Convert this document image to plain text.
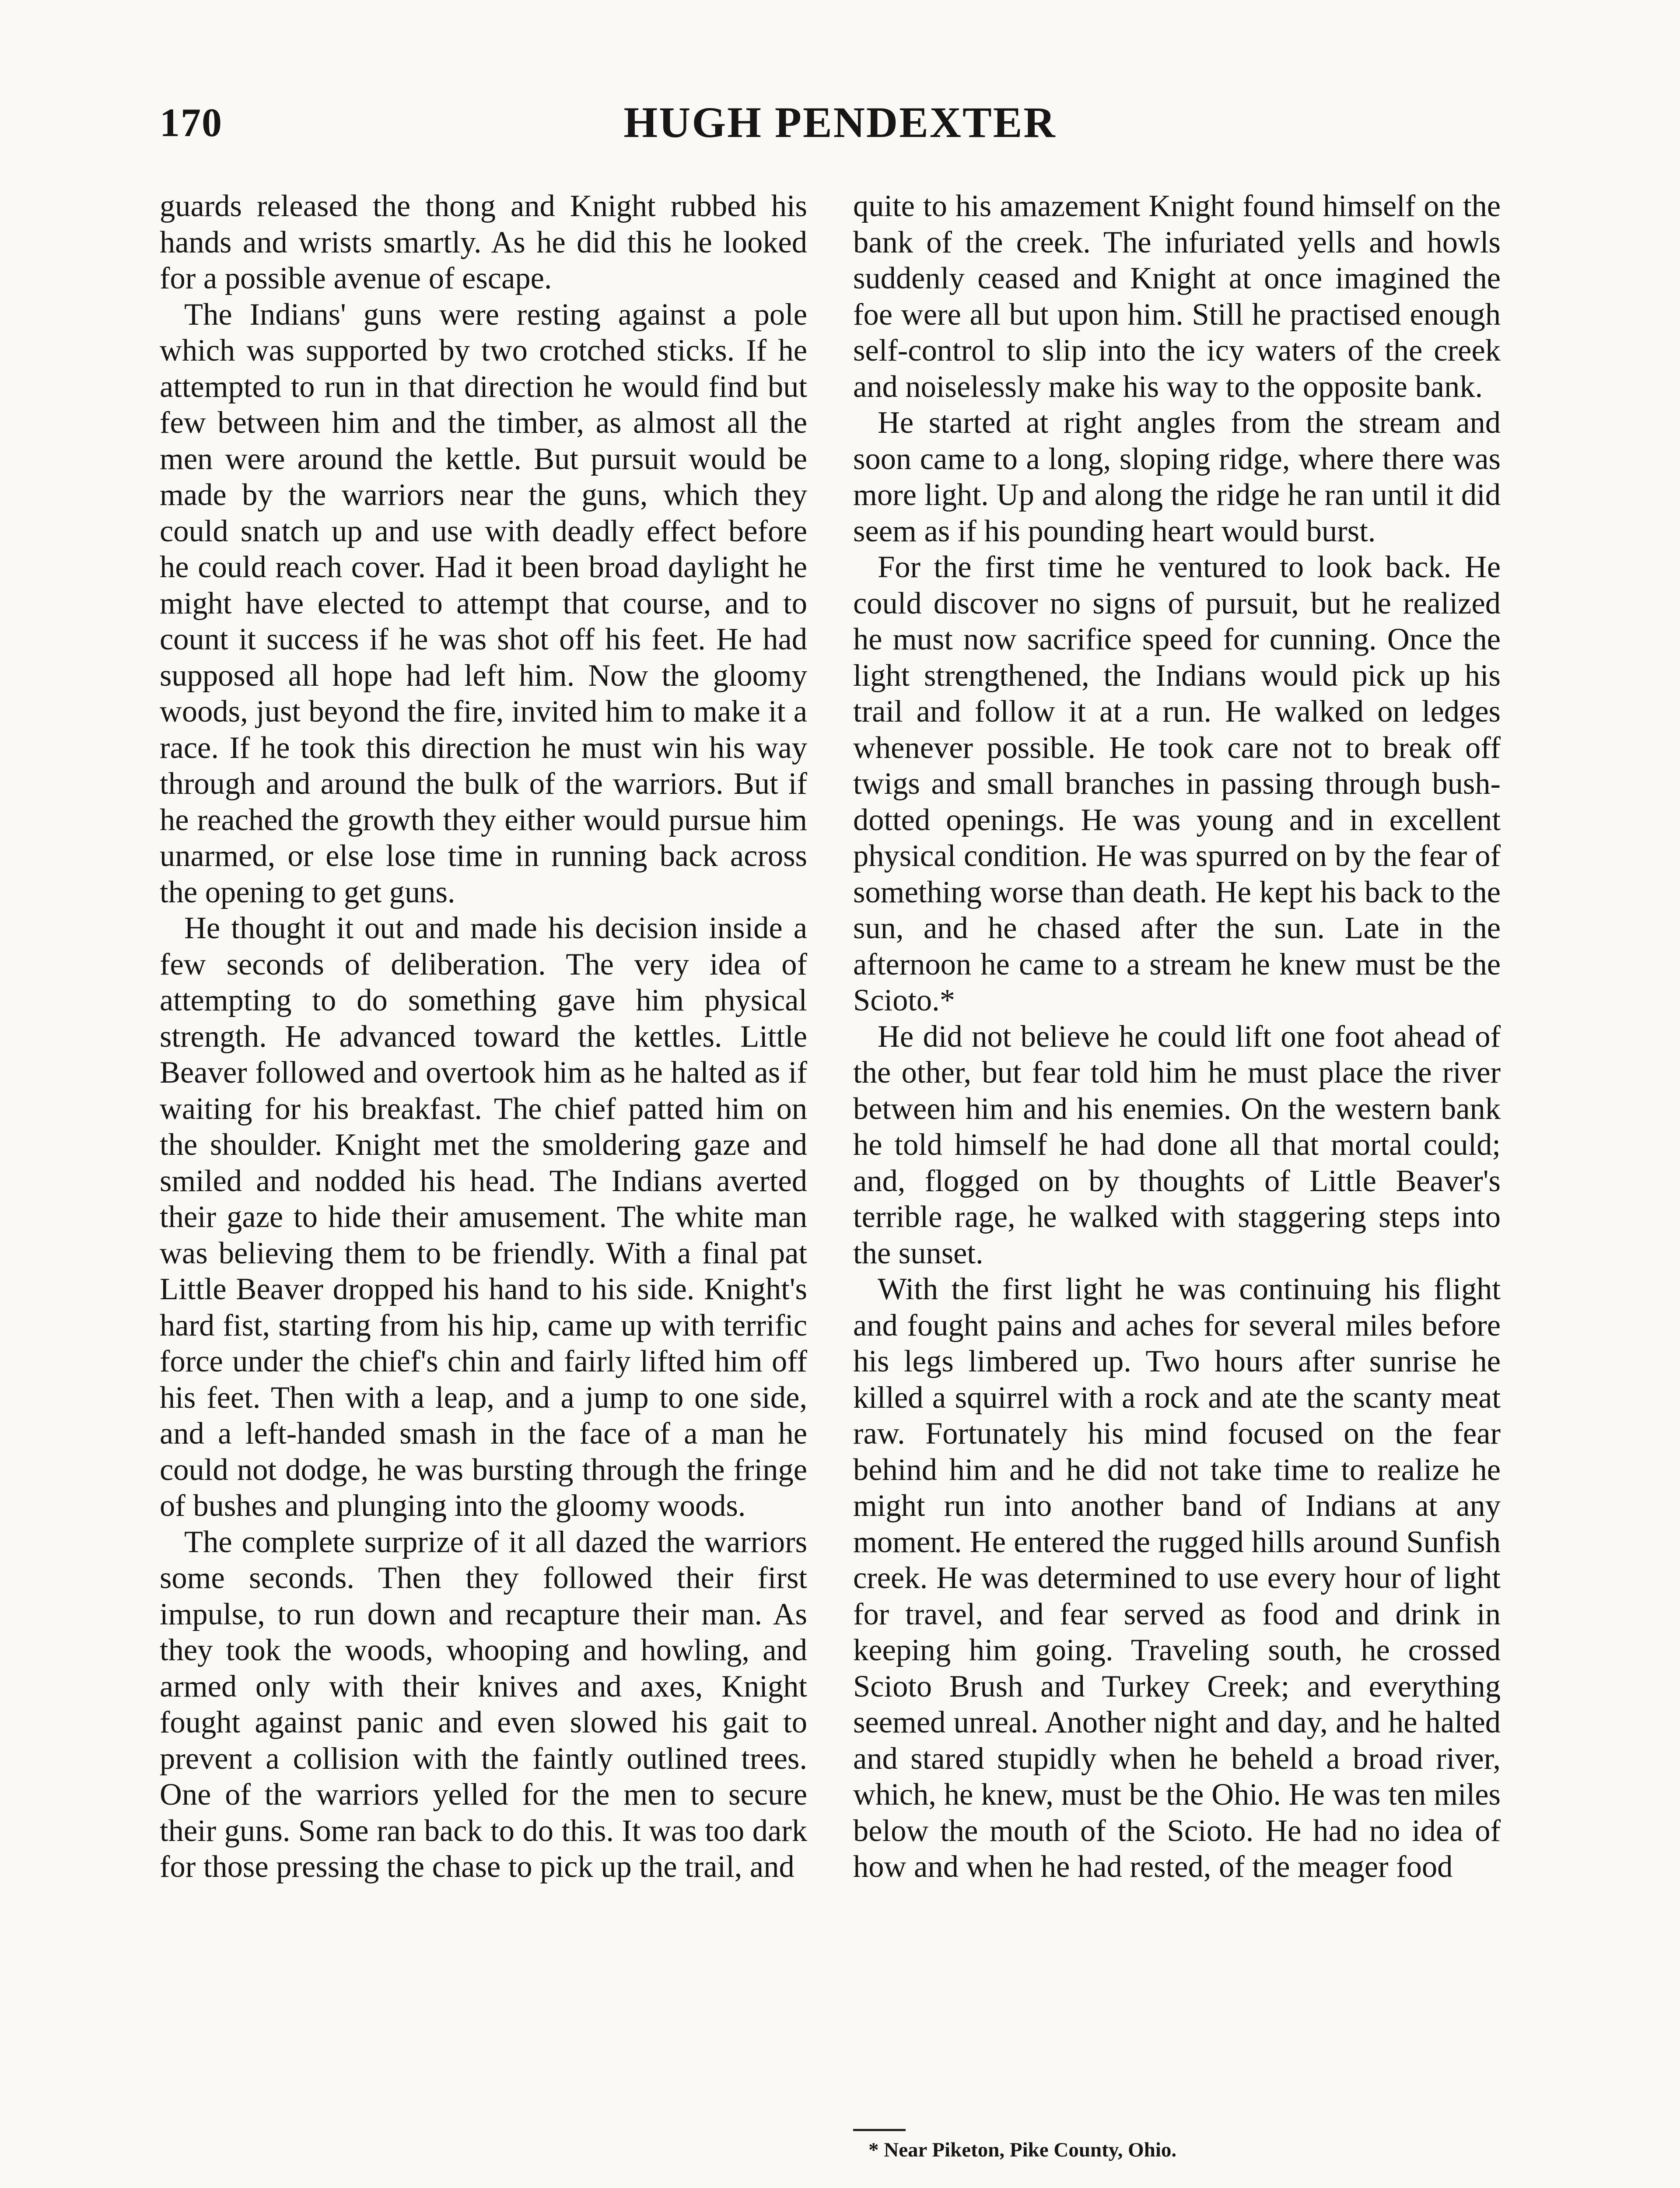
HUGH PENDEXTER
170

guards released the thong and Knight rubbed his hands and wrists smartly. As he did this he looked for a possible avenue of escape.

The Indians' guns were resting against a pole which was supported by two crotched sticks. If he attempted to run in that direction he would find but few between him and the timber, as almost all the men were around the kettle. But pursuit would be made by the warriors near the guns, which they could snatch up and use with deadly effect before he could reach cover. Had it been broad daylight he might have elected to attempt that course, and to count it success if he was shot off his feet. He had supposed all hope had left him. Now the gloomy woods, just beyond the fire, invited him to make it a race. If he took this direction he must win his way through and around the bulk of the warriors. But if he reached the growth they either would pursue him unarmed, or else lose time in running back across the opening to get guns.

He thought it out and made his decision inside a few seconds of deliberation. The very idea of attempting to do something gave him physical strength. He advanced toward the kettles. Little Beaver followed and overtook him as he halted as if waiting for his breakfast. The chief patted him on the shoulder. Knight met the smoldering gaze and smiled and nodded his head. The Indians averted their gaze to hide their amusement. The white man was believing them to be friendly. With a final pat Little Beaver dropped his hand to his side. Knight's hard fist, starting from his hip, came up with terrific force under the chief's chin and fairly lifted him off his feet. Then with a leap, and a jump to one side, and a left-handed smash in the face of a man he could not dodge, he was bursting through the fringe of bushes and plunging into the gloomy woods.

The complete surprize of it all dazed the warriors some seconds. Then they followed their first impulse, to run down and recapture their man. As they took the woods, whooping and howling, and armed only with their knives and axes, Knight fought against panic and even slowed his gait to prevent a collision with the faintly outlined trees. One of the warriors yelled for the men to secure their guns. Some ran back to do this. It was too dark for those pressing the chase to pick up the trail, and

quite to his amazement Knight found himself on the bank of the creek. The infuriated yells and howls suddenly ceased and Knight at once imagined the foe were all but upon him. Still he practised enough self-control to slip into the icy waters of the creek and noiselessly make his way to the opposite bank.

He started at right angles from the stream and soon came to a long, sloping ridge, where there was more light. Up and along the ridge he ran until it did seem as if his pounding heart would burst.

For the first time he ventured to look back. He could discover no signs of pursuit, but he realized he must now sacrifice speed for cunning. Once the light strengthened, the Indians would pick up his trail and follow it at a run. He walked on ledges whenever possible. He took care not to break off twigs and small branches in passing through bush-dotted openings. He was young and in excellent physical condition. He was spurred on by the fear of something worse than death. He kept his back to the sun, and he chased after the sun. Late in the afternoon he came to a stream he knew must be the Scioto.*

He did not believe he could lift one foot ahead of the other, but fear told him he must place the river between him and his enemies. On the western bank he told himself he had done all that mortal could; and, flogged on by thoughts of Little Beaver's terrible rage, he walked with staggering steps into the sunset.

With the first light he was continuing his flight and fought pains and aches for several miles before his legs limbered up. Two hours after sunrise he killed a squirrel with a rock and ate the scanty meat raw. Fortunately his mind focused on the fear behind him and he did not take time to realize he might run into another band of Indians at any moment. He entered the rugged hills around Sunfish creek. He was determined to use every hour of light for travel, and fear served as food and drink in keeping him going. Traveling south, he crossed Scioto Brush and Turkey Creek; and everything seemed unreal. Another night and day, and he halted and stared stupidly when he beheld a broad river, which, he knew, must be the Ohio. He was ten miles below the mouth of the Scioto. He had no idea of how and when he had rested, of the meager food

* Near Piketon, Pike County, Ohio.
